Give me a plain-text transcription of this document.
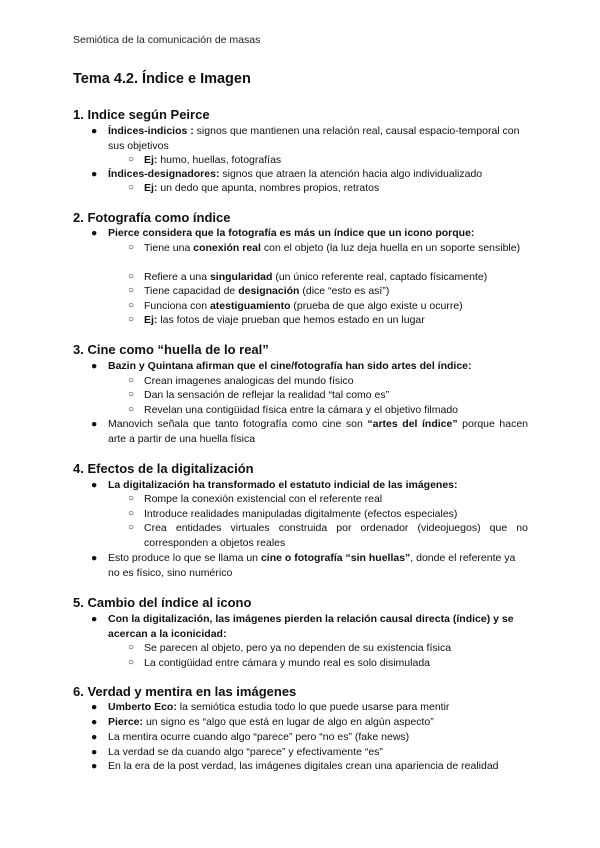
Semiótica de la comunicación de masas
Tema 4.2. Índice e Imagen
1. Indice según Peirce
● Índices-indicios : signos que mantienen una relación real, causal espacio-temporal con sus objetivos
○ Ej: humo, huellas, fotografías
● Índices-designadores: signos que atraen la atención hacia algo individualizado
○ Ej: un dedo que apunta, nombres propios, retratos
2. Fotografía como índice
● Pierce considera que la fotografía es más un índice que un icono porque:
○ Tiene una conexión real con el objeto (la luz deja huella en un soporte sensible)
○ Refiere a una singularidad (un único referente real, captado físicamente)
○ Tiene capacidad de designación (dice “esto es así”)
○ Funciona con atestiguamiento (prueba de que algo existe u ocurre)
○ Ej: las fotos de viaje prueban que hemos estado en un lugar
3. Cine como “huella de lo real”
● Bazin y Quintana afirman que el cine/fotografía han sido artes del índice:
○ Crean imagenes analogicas del mundo físico
○ Dan la sensación de reflejar la realidad “tal como es”
○ Revelan una contigüidad física entre la cámara y el objetivo filmado
● Manovich señala que tanto fotografía como cine son “artes del índice” porque hacen arte a partir de una huella física
4. Efectos de la digitalización
● La digitalización ha transformado el estatuto indicial de las imágenes:
○ Rompe la conexión existencial con el referente real
○ Introduce realidades manipuladas digitalmente (efectos especiales)
○ Crea entidades virtuales construida por ordenador (videojuegos) que no corresponden a objetos reales
● Esto produce lo que se llama un cine o fotografía “sin huellas”, donde el referente ya no es físico, sino numérico
5. Cambio del índice al icono
● Con la digitalización, las imágenes pierden la relación causal directa (índice) y se acercan a la iconicidad:
○ Se parecen al objeto, pero ya no dependen de su existencia física
○ La contigüidad entre cámara y mundo real es solo disimulada
6. Verdad y mentira en las imágenes
● Umberto Eco: la semiótica estudia todo lo que puede usarse para mentir
● Pierce: un signo es “algo que está en lugar de algo en algún aspecto”
● La mentira ocurre cuando algo “parece” pero “no es” (fake news)
● La verdad se da cuando algo “parece” y efectivamente “es”
● En la era de la post verdad, las imágenes digitales crean una apariencia de realidad
